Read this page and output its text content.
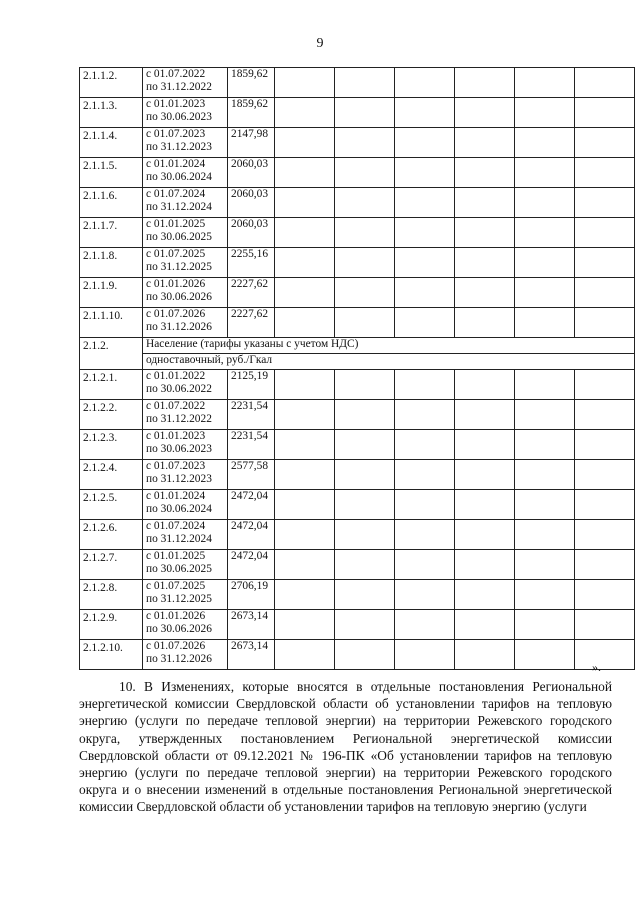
9
2.1.1.2.	с 01.07.2022
по 31.12.2022	1859,62						
2.1.1.3.	с 01.01.2023
по 30.06.2023	1859,62						
2.1.1.4.	с 01.07.2023
по 31.12.2023	2147,98						
2.1.1.5.	с 01.01.2024
по 30.06.2024	2060,03						
2.1.1.6.	с 01.07.2024
по 31.12.2024	2060,03						
2.1.1.7.	с 01.01.2025
по 30.06.2025	2060,03						
2.1.1.8.	с 01.07.2025
по 31.12.2025	2255,16						
2.1.1.9.	с 01.01.2026
по 30.06.2026	2227,62						
2.1.1.10.	с 01.07.2026
по 31.12.2026	2227,62						
2.1.2.	Население (тарифы указаны с учетом НДС)							
	одноставочный, руб./Гкал							
2.1.2.1.	с 01.01.2022
по 30.06.2022	2125,19						
2.1.2.2.	с 01.07.2022
по 31.12.2022	2231,54						
2.1.2.3.	с 01.01.2023
по 30.06.2023	2231,54						
2.1.2.4.	с 01.07.2023
по 31.12.2023	2577,58						
2.1.2.5.	с 01.01.2024
по 30.06.2024	2472,04						
2.1.2.6.	с 01.07.2024
по 31.12.2024	2472,04						
2.1.2.7.	с 01.01.2025
по 30.06.2025	2472,04						
2.1.2.8.	с 01.07.2025
по 31.12.2025	2706,19						
2.1.2.9.	с 01.01.2026
по 30.06.2026	2673,14						
2.1.2.10.	с 01.07.2026
по 31.12.2026	2673,14						
».

10. В Изменениях, которые вносятся в отдельные постановления Региональной энергетической комиссии Свердловской области об установлении тарифов на тепловую энергию (услуги по передаче тепловой энергии) на территории Режевского городского округа, утвержденных постановлением Региональной энергетической комиссии Свердловской области от 09.12.2021 № 196-ПК «Об установлении тарифов на тепловую энергию (услуги по передаче тепловой энергии) на территории Режевского городского округа и о внесении изменений в отдельные постановления Региональной энергетической комиссии Свердловской области об установлении тарифов на тепловую энергию (услуги
